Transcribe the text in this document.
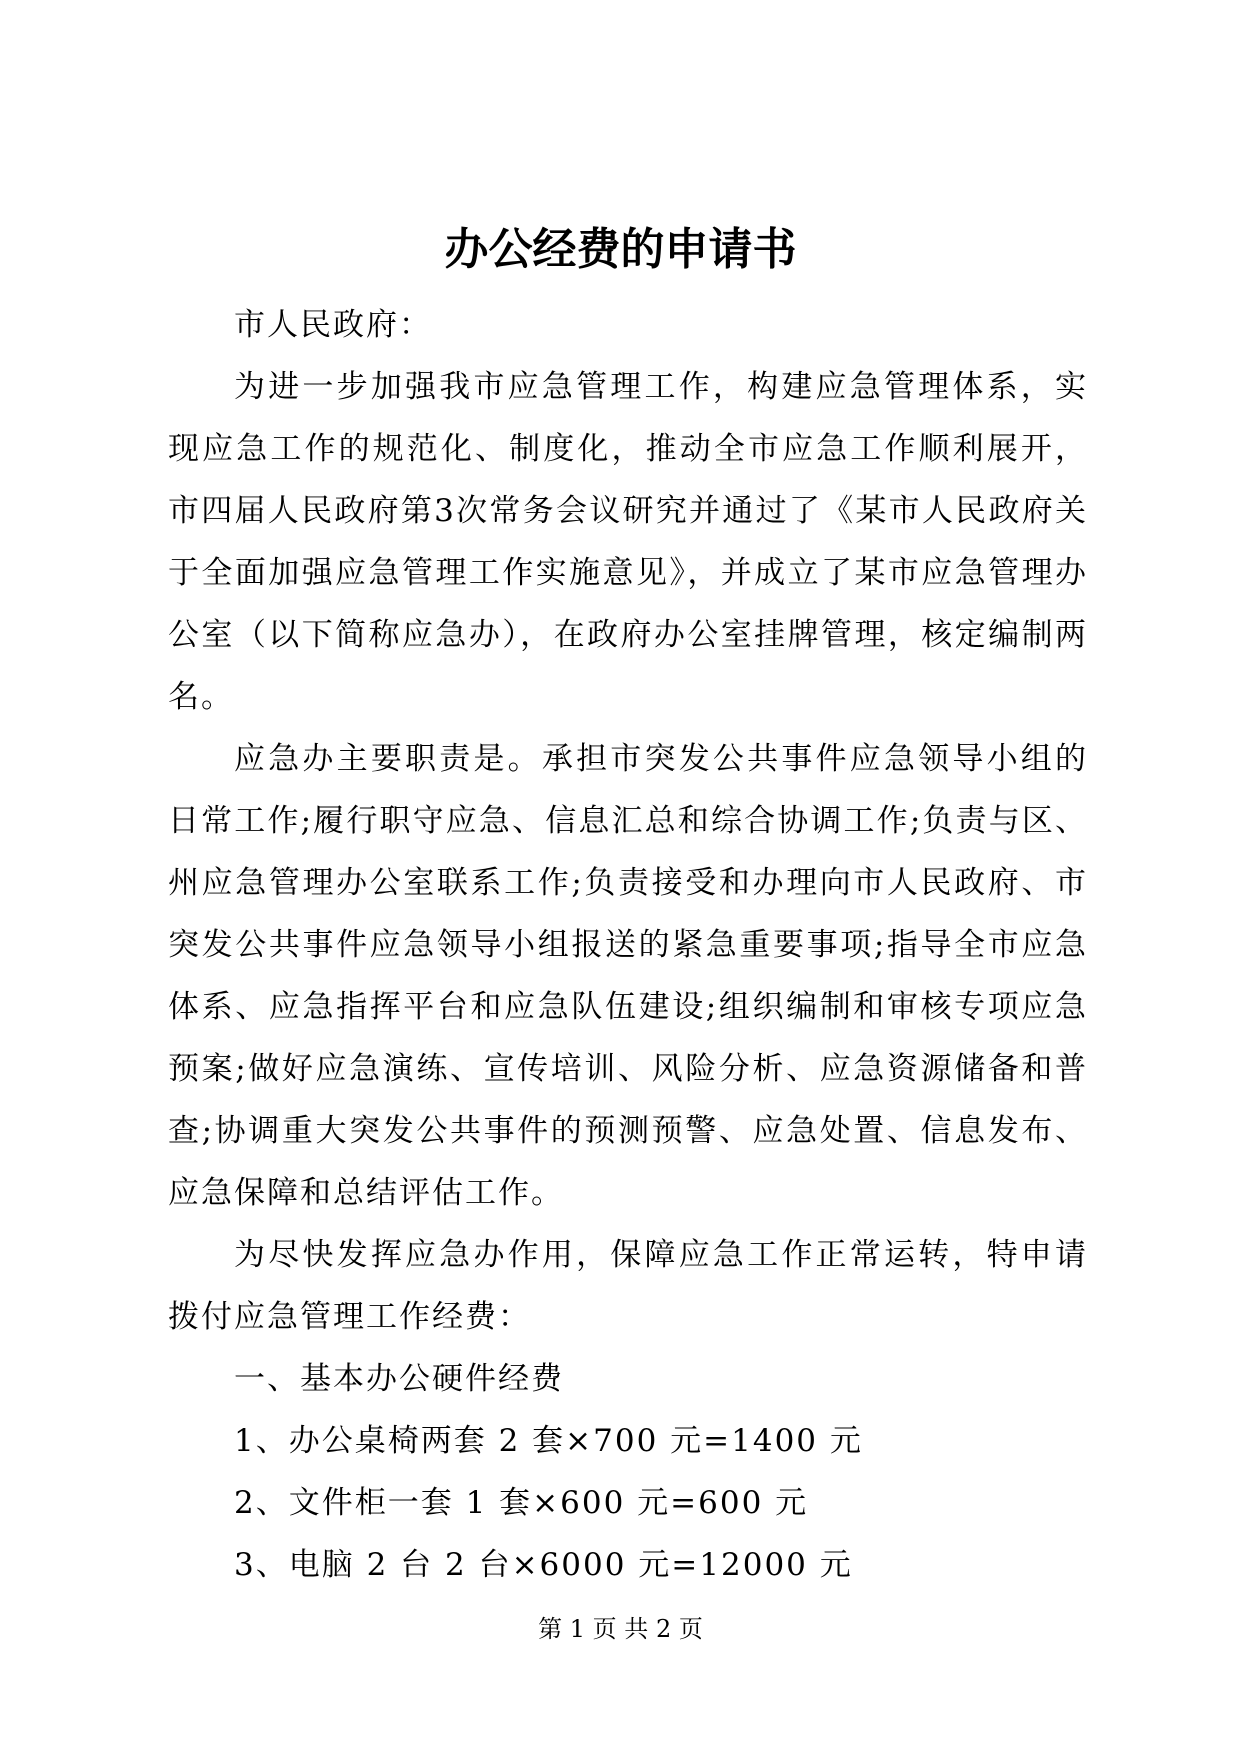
办公经费的申请书

市人民政府：

为进一步加强我市应急管理工作，构建应急管理体系，实现应急工作的规范化、制度化，推动全市应急工作顺利展开，市四届人民政府第3次常务会议研究并通过了《某市人民政府关于全面加强应急管理工作实施意见》，并成立了某市应急管理办公室（以下简称应急办），在政府办公室挂牌管理，核定编制两名。

应急办主要职责是。承担市突发公共事件应急领导小组的日常工作;履行职守应急、信息汇总和综合协调工作;负责与区、州应急管理办公室联系工作;负责接受和办理向市人民政府、市突发公共事件应急领导小组报送的紧急重要事项;指导全市应急体系、应急指挥平台和应急队伍建设;组织编制和审核专项应急预案;做好应急演练、宣传培训、风险分析、应急资源储备和普查;协调重大突发公共事件的预测预警、应急处置、信息发布、应急保障和总结评估工作。

为尽快发挥应急办作用，保障应急工作正常运转，特申请拨付应急管理工作经费：

一、基本办公硬件经费

1、办公桌椅两套 2 套×700 元=1400 元

2、文件柜一套 1 套×600 元=600 元

3、电脑 2 台 2 台×6000 元=12000 元

第 1 页 共 2 页
